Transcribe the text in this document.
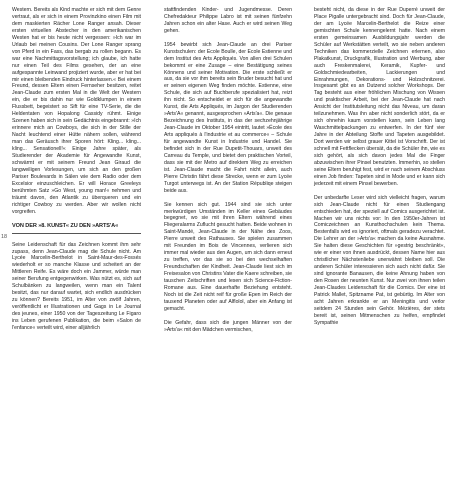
18

Western. Bereits als Kind machte er sich mit dem Genre vertraut, als er sich in einem Provinzkino einen Film mit dem maskierten Rächer Lone Ranger ansah. Dieser ersten virtuellen Abstecher in den amerikanischen Westen hat er bis heute nicht vergessen: »Ich war im Urlaub bei meinen Cousins. Der Lone Ranger sprang von Pferd in ein Fass, das bergab zu rollen begann. Es war eine Nachmittagsvorstellung; ich glaube, ich hatte nur einen Teil des Films gesehen, der an eine aufgespannte Leinwand projiziert wurde, aber er hat bei mir einen bleibenden Eindruck hinterlassen.« Bei einem Freund, dessen Eltern einen Fernseher besitzen, reitet Jean-Claude zum ersten Mal in die Welt der Western ein, die er bis dahin nur wie Goldklumpen in einem Flussbett, begeistert so Sift für eine TV-Serie, die die Heldentaten von Hopalong Cassidy rühmt. Einige Szenen haben sich in sein Gedächtnis eingebrannt: »Ich erinnere mich an Cowboys, die sich in der Stille der Nacht leuchtend einer Hütte nähern sollen, während man das Geräusch ihrer Sporen hört: Kling... kling... kling... Sensationell!« Einige Jahre später, als Studierender der Akademie für Angewandte Kunst, schwärmt er mit seinem Freund Jean Giraud die langweiligen Vorlesungen, um sich an den großen Pariser Boulevards in Sälen wie dem Radio oder dem Excelsior einzuschleichen. Er will Horace Greeleys berühmten Satz »Go West, young man!« nehmen und träumt davon, den Atlantik zu überqueren und ein richtiger Cowboy zu werden. Aber wir wollen nicht vorgreifen.

VON DER »8. KUNST« ZU DEN »ARTS'A«

Seine Leidenschaft für das Zeichnen kommt ihm sehr zupass, denn Jean-Claude mag die Schule nicht. Am Lycée Marcelin-Berthelot in Saint-Maur-des-Fossés wiederholt er so manche Klasse und scheitert an der Mittleren Reife. Es wäre doch ein Jammer, würde man seiner Berufung entgegenwirken. Was nützt es, sich auf Schulbänken zu langweilen, wenn man ein Talent besitzt, das nur darauf wartet, sich endlich ausdrücken zu können? Bereits 1951, im Alter von zwölf Jahren, veröffentlicht er Illustrationen und Gags in Le Journal des jeunes, einer 1950 von der Tageszeitung Le Figaro ins Leben gerufenen Publikation, die beim »Salon de l'enfance« verteilt wird, einer alljährlich

stattfindenden Kinder- und Jugendmesse. Deren Chefredakteur Philippe Labro ist mit seinen fünfzehn Jahren schon ein alter Hase. Auch er wird seinen Weg gehen.

1954 bewirbt sich Jean-Claude an drei Pariser Kunstschulen: der Ecole Boulle, der Ecole Estienne und dem Institut des Arts Appliqués. Von allen drei Schulen bekommt er eine Zusage – eine Bestätigung seines Könnens und seiner Motivation. Die erste schließt er aus, da sie vor ihm bereits sein Bruder besucht hat und er seinen eigenen Weg finden möchte. Estienne, eine Schule, die sich auf Buchberufe spezialisiert hat, reizt ihn nicht. So entscheidet er sich für die angewandte Kunst, die Arts Appliqués, im Jargon der Studierenden »Arts'A« genannt, ausgesprochen »Arts'a«. Die genaue Bezeichnung des Instituts, in das der sechzehnjährige Jean-Claude im Oktober 1954 eintritt, lautet »École des Arts appliqués à l'industrie et au commerce« – Schule für angewandte Kunst in Industrie und Handel. Sie befindet sich in der Rue Dupetit-Thouars, unweit des Carreau du Temple, und bietet den praktischen Vorteil, dass sie mit der Metro auf direktem Weg zu erreichen ist. Jean-Claude macht die Fahrt nicht allein, auch Pierre Christin fährt diese Strecke, wenn er zum Lycée Turgot unterwegs ist. An der Station Républiqe steigen beide aus.

Sie kennen sich gut. 1944 sind sie sich unter merkwürdigen Umständen im Keller eines Gebäudes begegnet, wo sie mit ihren Eltern während eines Fliegeralarms Zuflucht gesucht hatten. Beide wohnen in Saint-Mandé, Jean-Claude in der Nähe des Zoos, Pierre unweit des Rathauses. Sie spielen zusammen mit Freunden im Bois de Vincennes, verlieren sich immer mal wieder aus den Augen, um sich dann erneut zu treffen, vor das sie so bei den wechselhaften Freundschaften der Kindheit. Jean-Claude liest sich im Freisesalon von Christins Vater die Kaere schreiben, sie tauschen Zeitschriften und lesen sich Science-Fiction-Romane aus. Eine dauerhafte Beziehung entsteht. Noch ist die Zeit nicht reif für große Epen im Reich der tausend Planeten oder auf Alflolol, aber ein Anfang ist gemacht.

Die Gefahr, dass sich die jungen Männer von der »Arts'a« mit den Mädchen vermischen,

besteht nicht, da diese in der Rue Duperré unweit der Place Pigalle untergebracht sind. Doch für Jean-Claude, der am Lycée Marcelin-Berthelot die Reize einer gemischten Schule kennengelernt hatte. Nach einem ersten gemeinsamen Ausbildungsjahr werden die Schüler auf Werkstätten verteilt, wo sie neben anderen Techniken das kommerzielle Zeichnen erlernen, also Plakatkunst, Druckgrafik, Illustration und Werbung, aber auch Freskenmalerei, Keramik, Kupfer- und Goldschmiedearbeiten, Lackierungen und Einrahmungen, Dekorations- und Holzschnitzerei. Insgesamt gibt es an Dutzend solcher Workshops. Der Tag besteht aus einer fröhlichen Mischung von Wissen und praktischer Arbeit, bei der Jean-Claude hat nach Ansicht der Institutsleitung nicht das Niveau, um daran teilzunehmen. Was ihn aber nicht sonderlich stört, da er sich ohnehin kaum vorstellen kann, sein Leben lang Waschmittelpackungen zu entwerfen. In der fünf vier Jahre in der Abteilung Stoffe und Tapeten ausgebildet. Dort werden wir selbst grauer Kittel ist Vorschrift. Der ist schnell mit Fettflecken übersät, da die Schüler ihn, wie es sich gehört, als sich davon jedes Mal die Finger abzuwischen ihrer Pinsel benutzten. Immerhin, so stellen seine Eltern beruhigt fest, wird er nach seinem Abschluss einen Job finden: Tapeten sind in Mode und er kann sich jederzeit mit einem Pinsel bewerben.

Der unbedarfte Leser wird sich vielleicht fragen, warum sich Jean-Claude nicht für einen Studiengang entschieden hat, der speziell auf Comics ausgerichtet ist. Machen wir uns nichts vor: In den 1950er-Jahren ist Comiczeichnen an Kunsthochschulen kein Thema. Bestenfalls wird es ignoriert, oftmals geradezu verachtet. Die Lehrer an der »Arts'a« machen da keine Ausnahme. Sie halten diese Geschichten für »gestrig beschränkt«, wie er einer von ihnen ausdrückt, dessen Name hier aus christlicher Nächstenliebe unerwähnt bleiben soll. Die anderen Schüler interessieren sich auch nicht dafür. Sie sind ignorante Banausen, die keine Ahnung haben von den Rosen der neunten Kunst. Nur zwei von ihnen teilen Jean-Claudes Leidenschaft für die Comics. Der eine ist Patrick Mallet, Spitzname Pat, ist gebürtig. Im Alter von acht Jahren erkrankte er an Meningitis und verlor seitdem 24 Stunden sein Gehör. Mézières, der stets bereit ist, seinen Mitmenschen zu helfen, empfindet Sympathie
